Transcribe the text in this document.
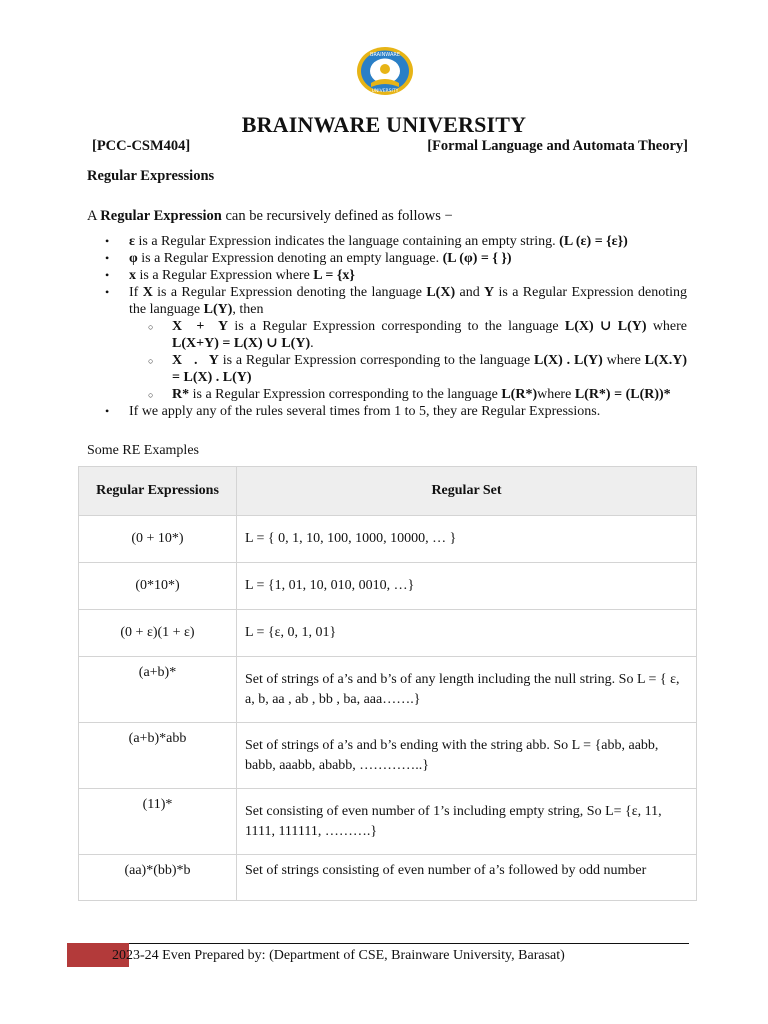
BRAINWARE
UNIVERSITY
BRAINWARE UNIVERSITY
[PCC-CSM404]	[Formal Language and Automata Theory]
Regular Expressions
A Regular Expression can be recursively defined as follows −
• ε is a Regular Expression indicates the language containing an empty string. (L (ε) = {ε})
• φ is a Regular Expression denoting an empty language. (L (φ) = { })
• x is a Regular Expression where L = {x}
• If X is a Regular Expression denoting the language L(X) and Y is a Regular Expression denoting the language L(Y), then
○ X + Y is a Regular Expression corresponding to the language L(X) ∪ L(Y) where L(X+Y) = L(X) ∪ L(Y).
○ X . Y is a Regular Expression corresponding to the language L(X) . L(Y) where L(X.Y) = L(X) . L(Y)
○ R* is a Regular Expression corresponding to the language L(R*)where L(R*) = (L(R))*
• If we apply any of the rules several times from 1 to 5, they are Regular Expressions.
Some RE Examples
Regular Expressions	Regular Set
(0 + 10*)	L = { 0, 1, 10, 100, 1000, 10000, … }
(0*10*)	L = {1, 01, 10, 010, 0010, …}
(0 + ε)(1 + ε)	L = {ε, 0, 1, 01}
(a+b)*	Set of strings of a’s and b’s of any length including the null string. So L = { ε, a, b, aa , ab , bb , ba, aaa…….}
(a+b)*abb	Set of strings of a’s and b’s ending with the string abb. So L = {abb, aabb, babb, aaabb, ababb, …………..}
(11)*	Set consisting of even number of 1’s including empty string, So L= {ε, 11, 1111, 111111, ……….}
(aa)*(bb)*b	Set of strings consisting of even number of a’s followed by odd number
2023-24 Even Prepared by: (Department of CSE, Brainware University, Barasat)
